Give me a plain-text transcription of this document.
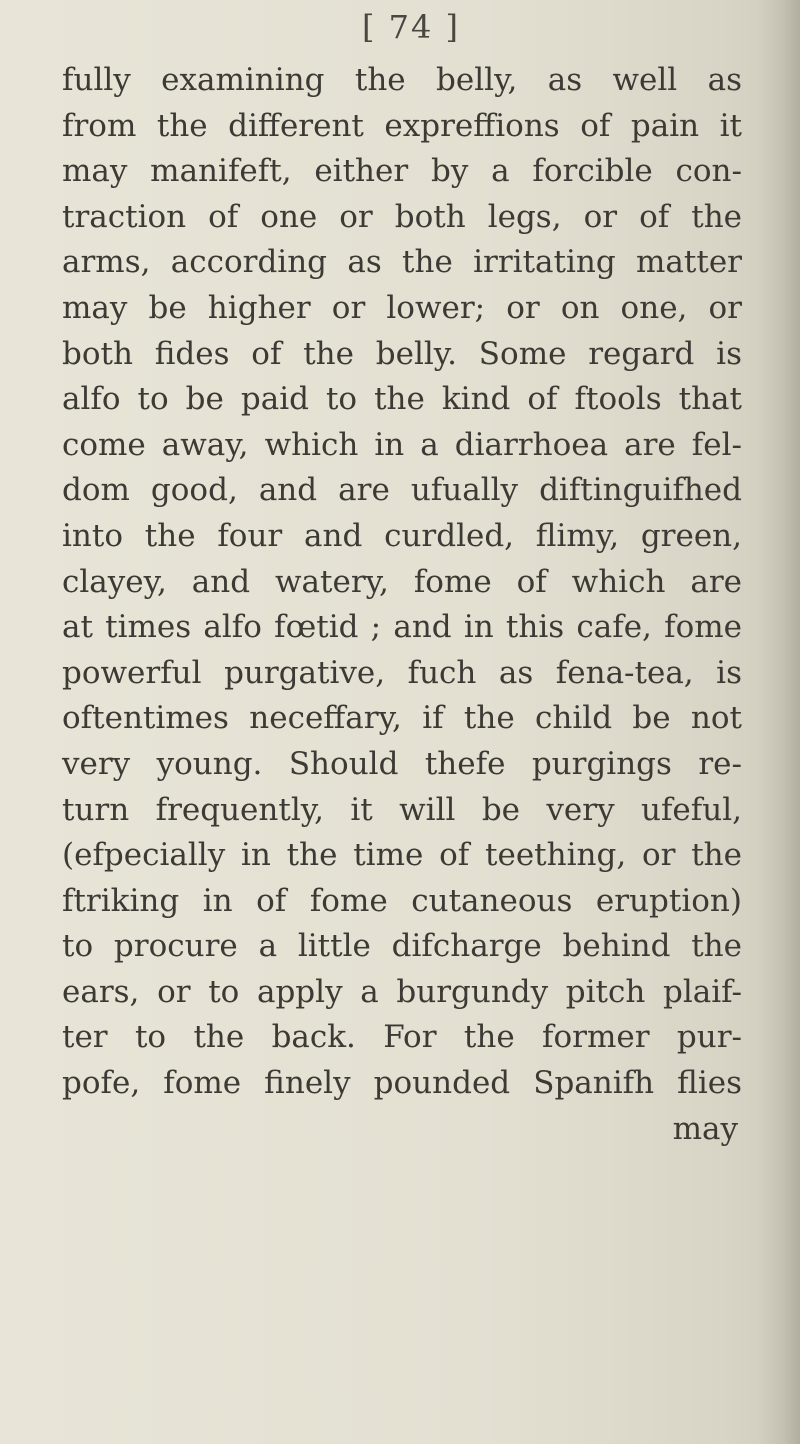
[ 74 ]
fully examining the belly, as well as
from the different expreffions of pain it
may manifeft, either by a forcible con-
traction of one or both legs, or of the
arms, according as the irritating matter
may be higher or lower; or on one, or
both fides of the belly. Some regard is
alfo to be paid to the kind of ftools that
come away, which in a diarrhoea are fel-
dom good, and are ufually diftinguifhed
into the four and curdled, flimy, green,
clayey, and watery, fome of which are
at times alfo fœtid ; and in this cafe, fome
powerful purgative, fuch as fena-tea, is
oftentimes neceffary, if the child be not
very young. Should thefe purgings re-
turn frequently, it will be very ufeful,
(efpecially in the time of teething, or the
ftriking in of fome cutaneous eruption)
to procure a little difcharge behind the
ears, or to apply a burgundy pitch plaif-
ter to the back. For the former pur-
pofe, fome finely pounded Spanifh flies
may
